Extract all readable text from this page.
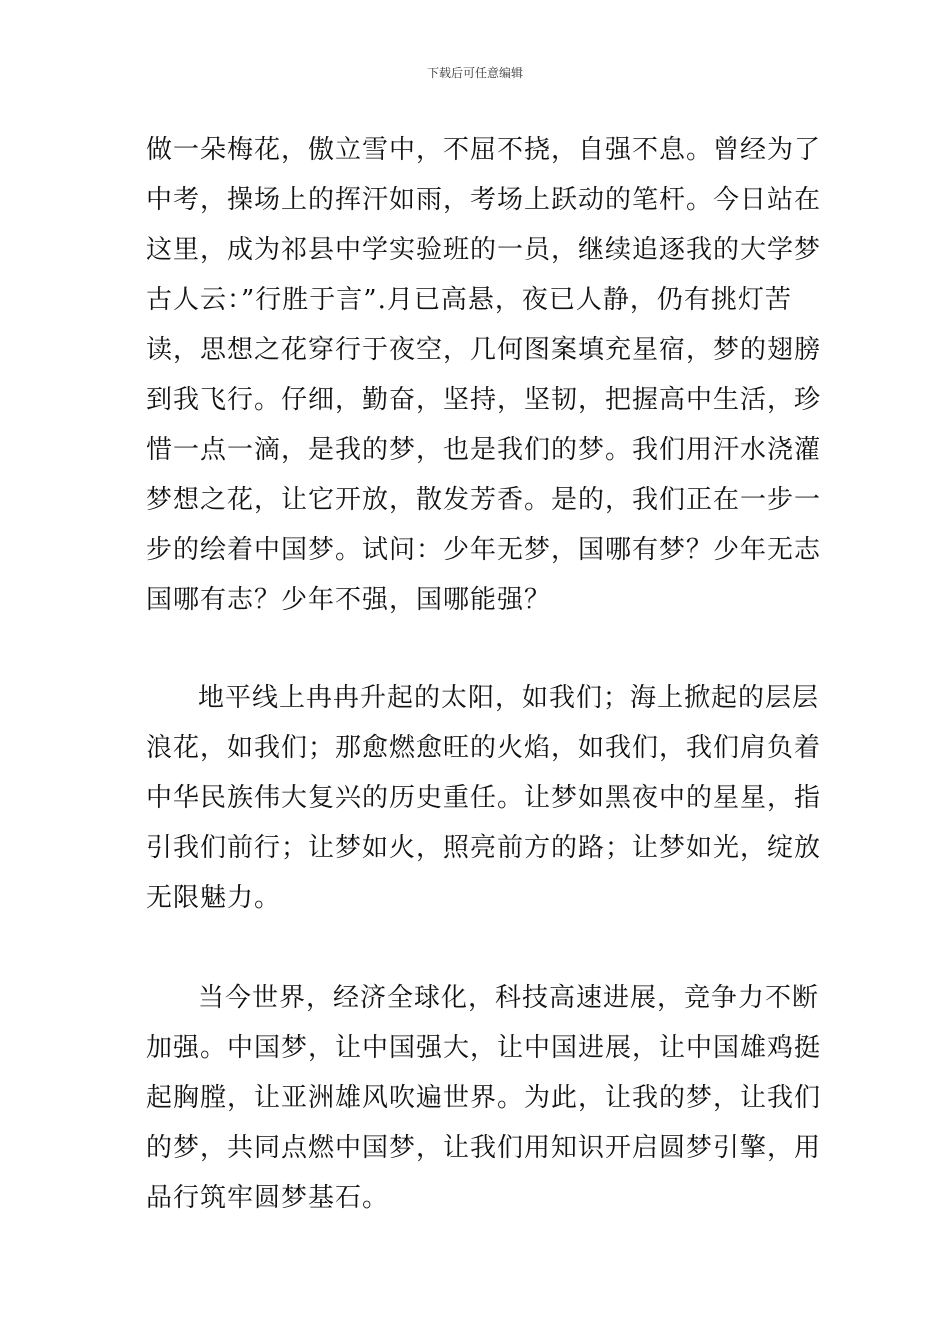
下载后可任意编辑
做一朵梅花，傲立雪中，不屈不挠，自强不息。曾经为了
中考，操场上的挥汗如雨，考场上跃动的笔杆。今日站在
这里，成为祁县中学实验班的一员，继续追逐我的大学梦
古人云：”行胜于言”.月已高悬，夜已人静，仍有挑灯苦
读，思想之花穿行于夜空，几何图案填充星宿，梦的翅膀
到我飞行。仔细，勤奋，坚持，坚韧，把握高中生活，珍
惜一点一滴，是我的梦，也是我们的梦。我们用汗水浇灌
梦想之花，让它开放，散发芳香。是的，我们正在一步一
步的绘着中国梦。试问：少年无梦，国哪有梦？少年无志
国哪有志？少年不强，国哪能强？
地平线上冉冉升起的太阳，如我们；海上掀起的层层
浪花，如我们；那愈燃愈旺的火焰，如我们，我们肩负着
中华民族伟大复兴的历史重任。让梦如黑夜中的星星，指
引我们前行；让梦如火，照亮前方的路；让梦如光，绽放
无限魅力。
当今世界，经济全球化，科技高速进展，竞争力不断
加强。中国梦，让中国强大，让中国进展，让中国雄鸡挺
起胸膛，让亚洲雄风吹遍世界。为此，让我的梦，让我们
的梦，共同点燃中国梦，让我们用知识开启圆梦引擎，用
品行筑牢圆梦基石。
